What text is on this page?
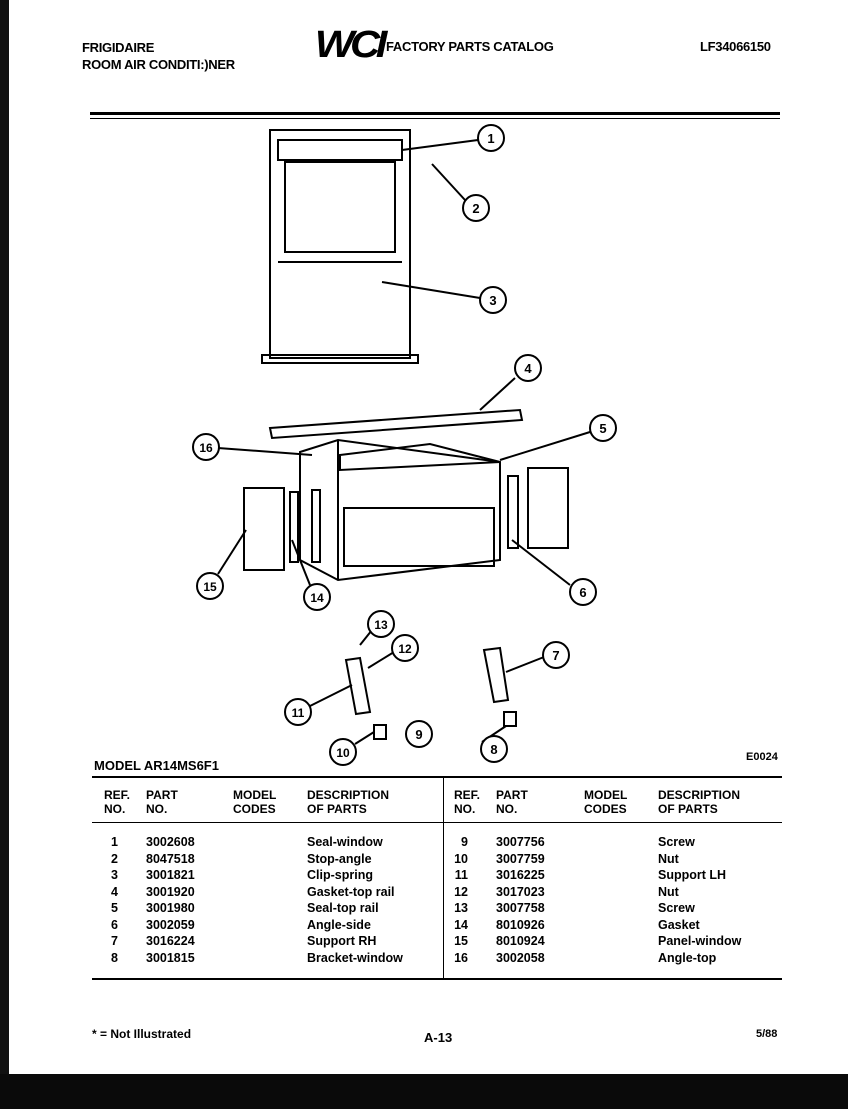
FRIGIDAIRE
ROOM AIR CONDITI:)NER WCI FACTORY PARTS CATALOG	LF34066150
1
2
3
4
5
6
7
8
9
10
11
12
13
14
15
16
E0024
MODEL AR14MS6F1
REF.
NO.
PART
NO.
MODEL
CODES
DESCRIPTION
OF PARTS
REF.
NO.
PART
NO.
MODEL
CODES
DESCRIPTION
OF PARTS
1 3002608	Seal-window
2 8047518	Stop-angle
3 3001821	Clip-spring
4 3001920	Gasket-top rail
5 3001980	Seal-top rail
6 3002059	Angle-side
7 3016224	Support RH
8 3001815	Bracket-window
9 3007756	Screw
10 3007759	Nut
11 3016225	Support LH
12 3017023	Nut
13 3007758	Screw
14 8010926	Gasket
15 8010924	Panel-window
16 3002058	Angle-top
* = Not Illustrated	A-13	5/88
